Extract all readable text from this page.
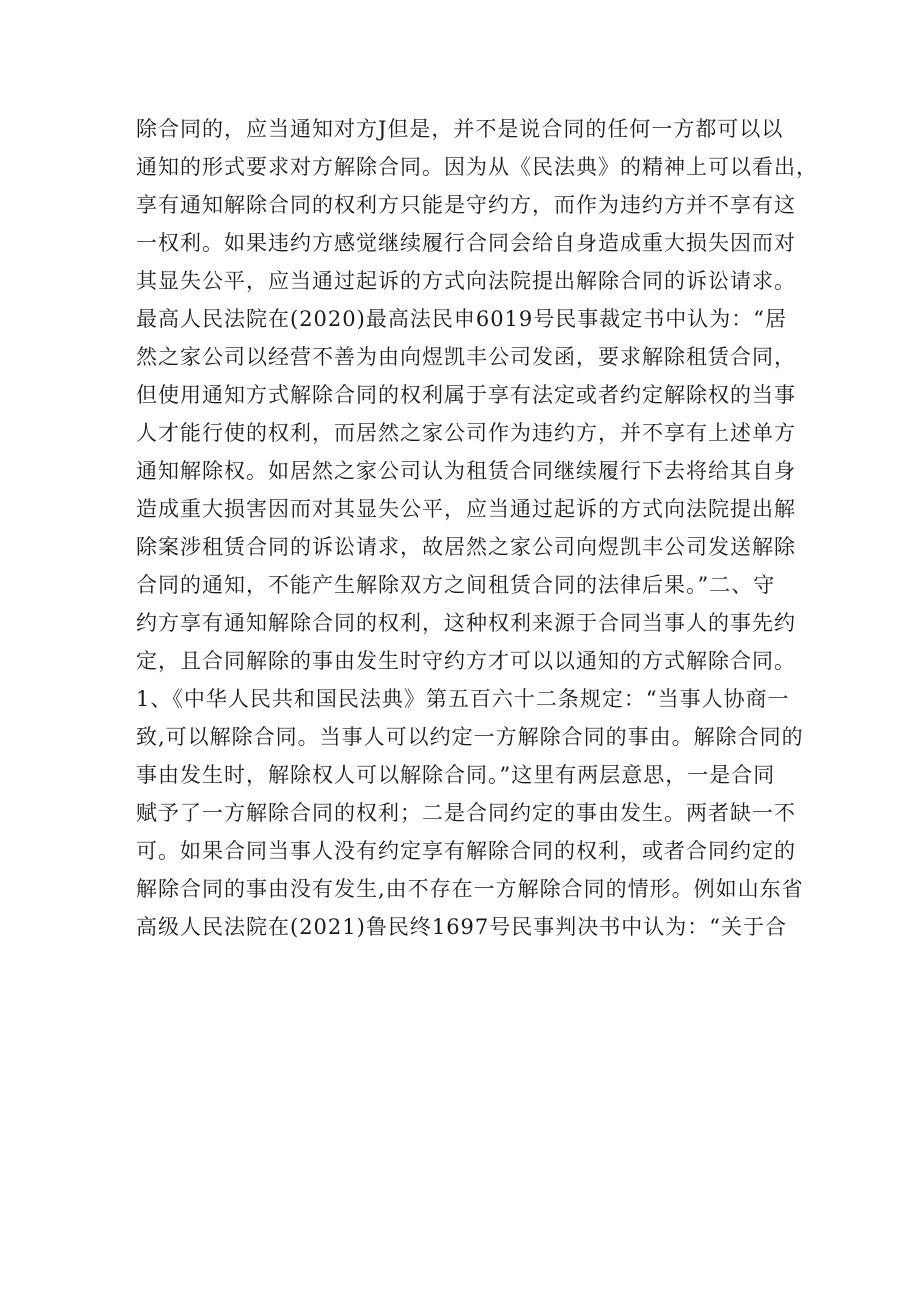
除合同的，应当通知对方J但是，并不是说合同的任何一方都可以以
通知的形式要求对方解除合同。因为从《民法典》的精神上可以看出，
享有通知解除合同的权利方只能是守约方，而作为违约方并不享有这
一权利。如果违约方感觉继续履行合同会给自身造成重大损失因而对
其显失公平，应当通过起诉的方式向法院提出解除合同的诉讼请求。
最高人民法院在(2020)最高法民申6019号民事裁定书中认为：“居
然之家公司以经营不善为由向煜凯丰公司发函，要求解除租赁合同，
但使用通知方式解除合同的权利属于享有法定或者约定解除权的当事
人才能行使的权利，而居然之家公司作为违约方，并不享有上述单方
通知解除权。如居然之家公司认为租赁合同继续履行下去将给其自身
造成重大损害因而对其显失公平，应当通过起诉的方式向法院提出解
除案涉租赁合同的诉讼请求，故居然之家公司向煜凯丰公司发送解除
合同的通知，不能产生解除双方之间租赁合同的法律后果。”二、守
约方享有通知解除合同的权利，这种权利来源于合同当事人的事先约
定，且合同解除的事由发生时守约方才可以以通知的方式解除合同。
1、《中华人民共和国民法典》第五百六十二条规定：“当事人协商一
致,可以解除合同。当事人可以约定一方解除合同的事由。解除合同的
事由发生时，解除权人可以解除合同。”这里有两层意思，一是合同
赋予了一方解除合同的权利；二是合同约定的事由发生。两者缺一不
可。如果合同当事人没有约定享有解除合同的权利，或者合同约定的
解除合同的事由没有发生,由不存在一方解除合同的情形。例如山东省
高级人民法院在(2021)鲁民终1697号民事判决书中认为：“关于合
